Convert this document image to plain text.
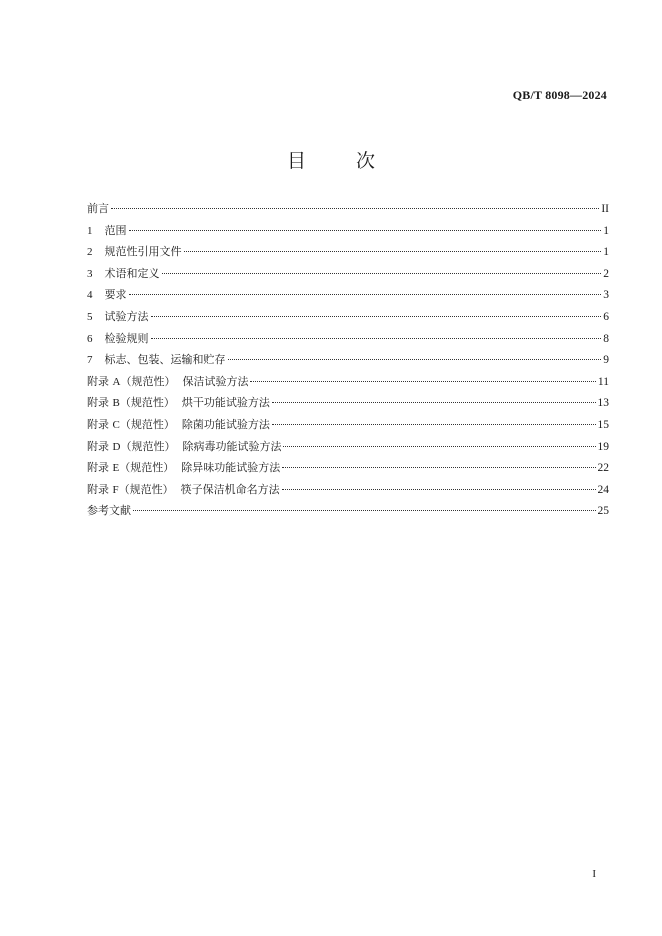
QB/T 8098—2024
目 次
前言	II
1 范围	1
2 规范性引用文件	1
3 术语和定义	2
4 要求	3
5 试验方法	6
6 检验规则	8
7 标志、包装、运输和贮存	9
附录 A（规范性） 保洁试验方法	11
附录 B（规范性） 烘干功能试验方法	13
附录 C（规范性） 除菌功能试验方法	15
附录 D（规范性） 除病毒功能试验方法	19
附录 E（规范性） 除异味功能试验方法	22
附录 F（规范性） 筷子保洁机命名方法	24
参考文献	25
I
